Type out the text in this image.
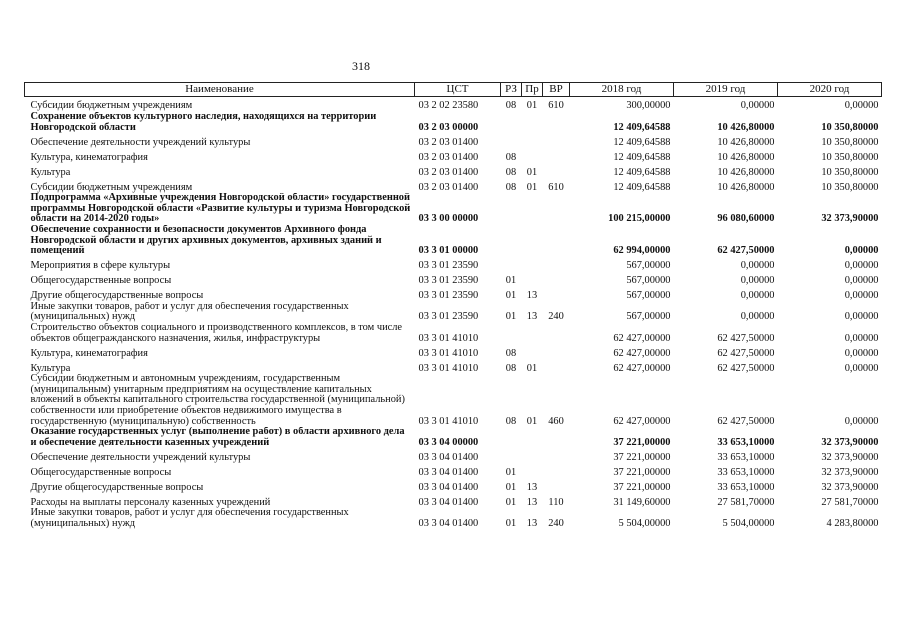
318
Наименование	ЦСТ	РЗ	Пр	ВР	2018 год	2019 год	2020 год
Субсидии бюджетным учреждениям	03 2 02 23580	08	01	610	300,00000	0,00000	0,00000
Сохранение объектов культурного наследия, находящихся на территории Новгородской области	03 2 03 00000				12 409,64588	10 426,80000	10 350,80000
Обеспечение деятельности учреждений культуры	03 2 03 01400				12 409,64588	10 426,80000	10 350,80000
Культура, кинематография	03 2 03 01400	08			12 409,64588	10 426,80000	10 350,80000
Культура	03 2 03 01400	08	01		12 409,64588	10 426,80000	10 350,80000
Субсидии бюджетным учреждениям	03 2 03 01400	08	01	610	12 409,64588	10 426,80000	10 350,80000
Подпрограмма «Архивные учреждения Новгородской области» государственной программы Новгородской области «Развитие культуры и туризма Новгородской области на 2014-2020 годы»	03 3 00 00000				100 215,00000	96 080,60000	32 373,90000
Обеспечение сохранности и безопасности документов Архивного фонда Новгородской области и других архивных документов, архивных зданий и помещений	03 3 01 00000				62 994,00000	62 427,50000	0,00000
Мероприятия в сфере культуры	03 3 01 23590				567,00000	0,00000	0,00000
Общегосударственные вопросы	03 3 01 23590	01			567,00000	0,00000	0,00000
Другие общегосударственные вопросы	03 3 01 23590	01	13		567,00000	0,00000	0,00000
Иные закупки товаров, работ и услуг для обеспечения государственных (муниципальных) нужд	03 3 01 23590	01	13	240	567,00000	0,00000	0,00000
Строительство объектов социального и производственного комплексов, в том числе объектов общегражданского назначения, жилья, инфраструктуры	03 3 01 41010				62 427,00000	62 427,50000	0,00000
Культура, кинематография	03 3 01 41010	08			62 427,00000	62 427,50000	0,00000
Культура	03 3 01 41010	08	01		62 427,00000	62 427,50000	0,00000
Субсидии бюджетным и автономным учреждениям, государственным (муниципальным) унитарным предприятиям на осуществление капитальных вложений в объекты капитального строительства государственной (муниципальной) собственности или приобретение объектов недвижимого имущества в государственную (муниципальную) собственность	03 3 01 41010	08	01	460	62 427,00000	62 427,50000	0,00000
Оказание государственных услуг (выполнение работ) в области архивного дела и обеспечение деятельности казенных учреждений	03 3 04 00000				37 221,00000	33 653,10000	32 373,90000
Обеспечение деятельности учреждений культуры	03 3 04 01400				37 221,00000	33 653,10000	32 373,90000
Общегосударственные вопросы	03 3 04 01400	01			37 221,00000	33 653,10000	32 373,90000
Другие общегосударственные вопросы	03 3 04 01400	01	13		37 221,00000	33 653,10000	32 373,90000
Расходы на выплаты персоналу казенных учреждений	03 3 04 01400	01	13	110	31 149,60000	27 581,70000	27 581,70000
Иные закупки товаров, работ и услуг для обеспечения государственных (муниципальных) нужд	03 3 04 01400	01	13	240	5 504,00000	5 504,00000	4 283,80000
